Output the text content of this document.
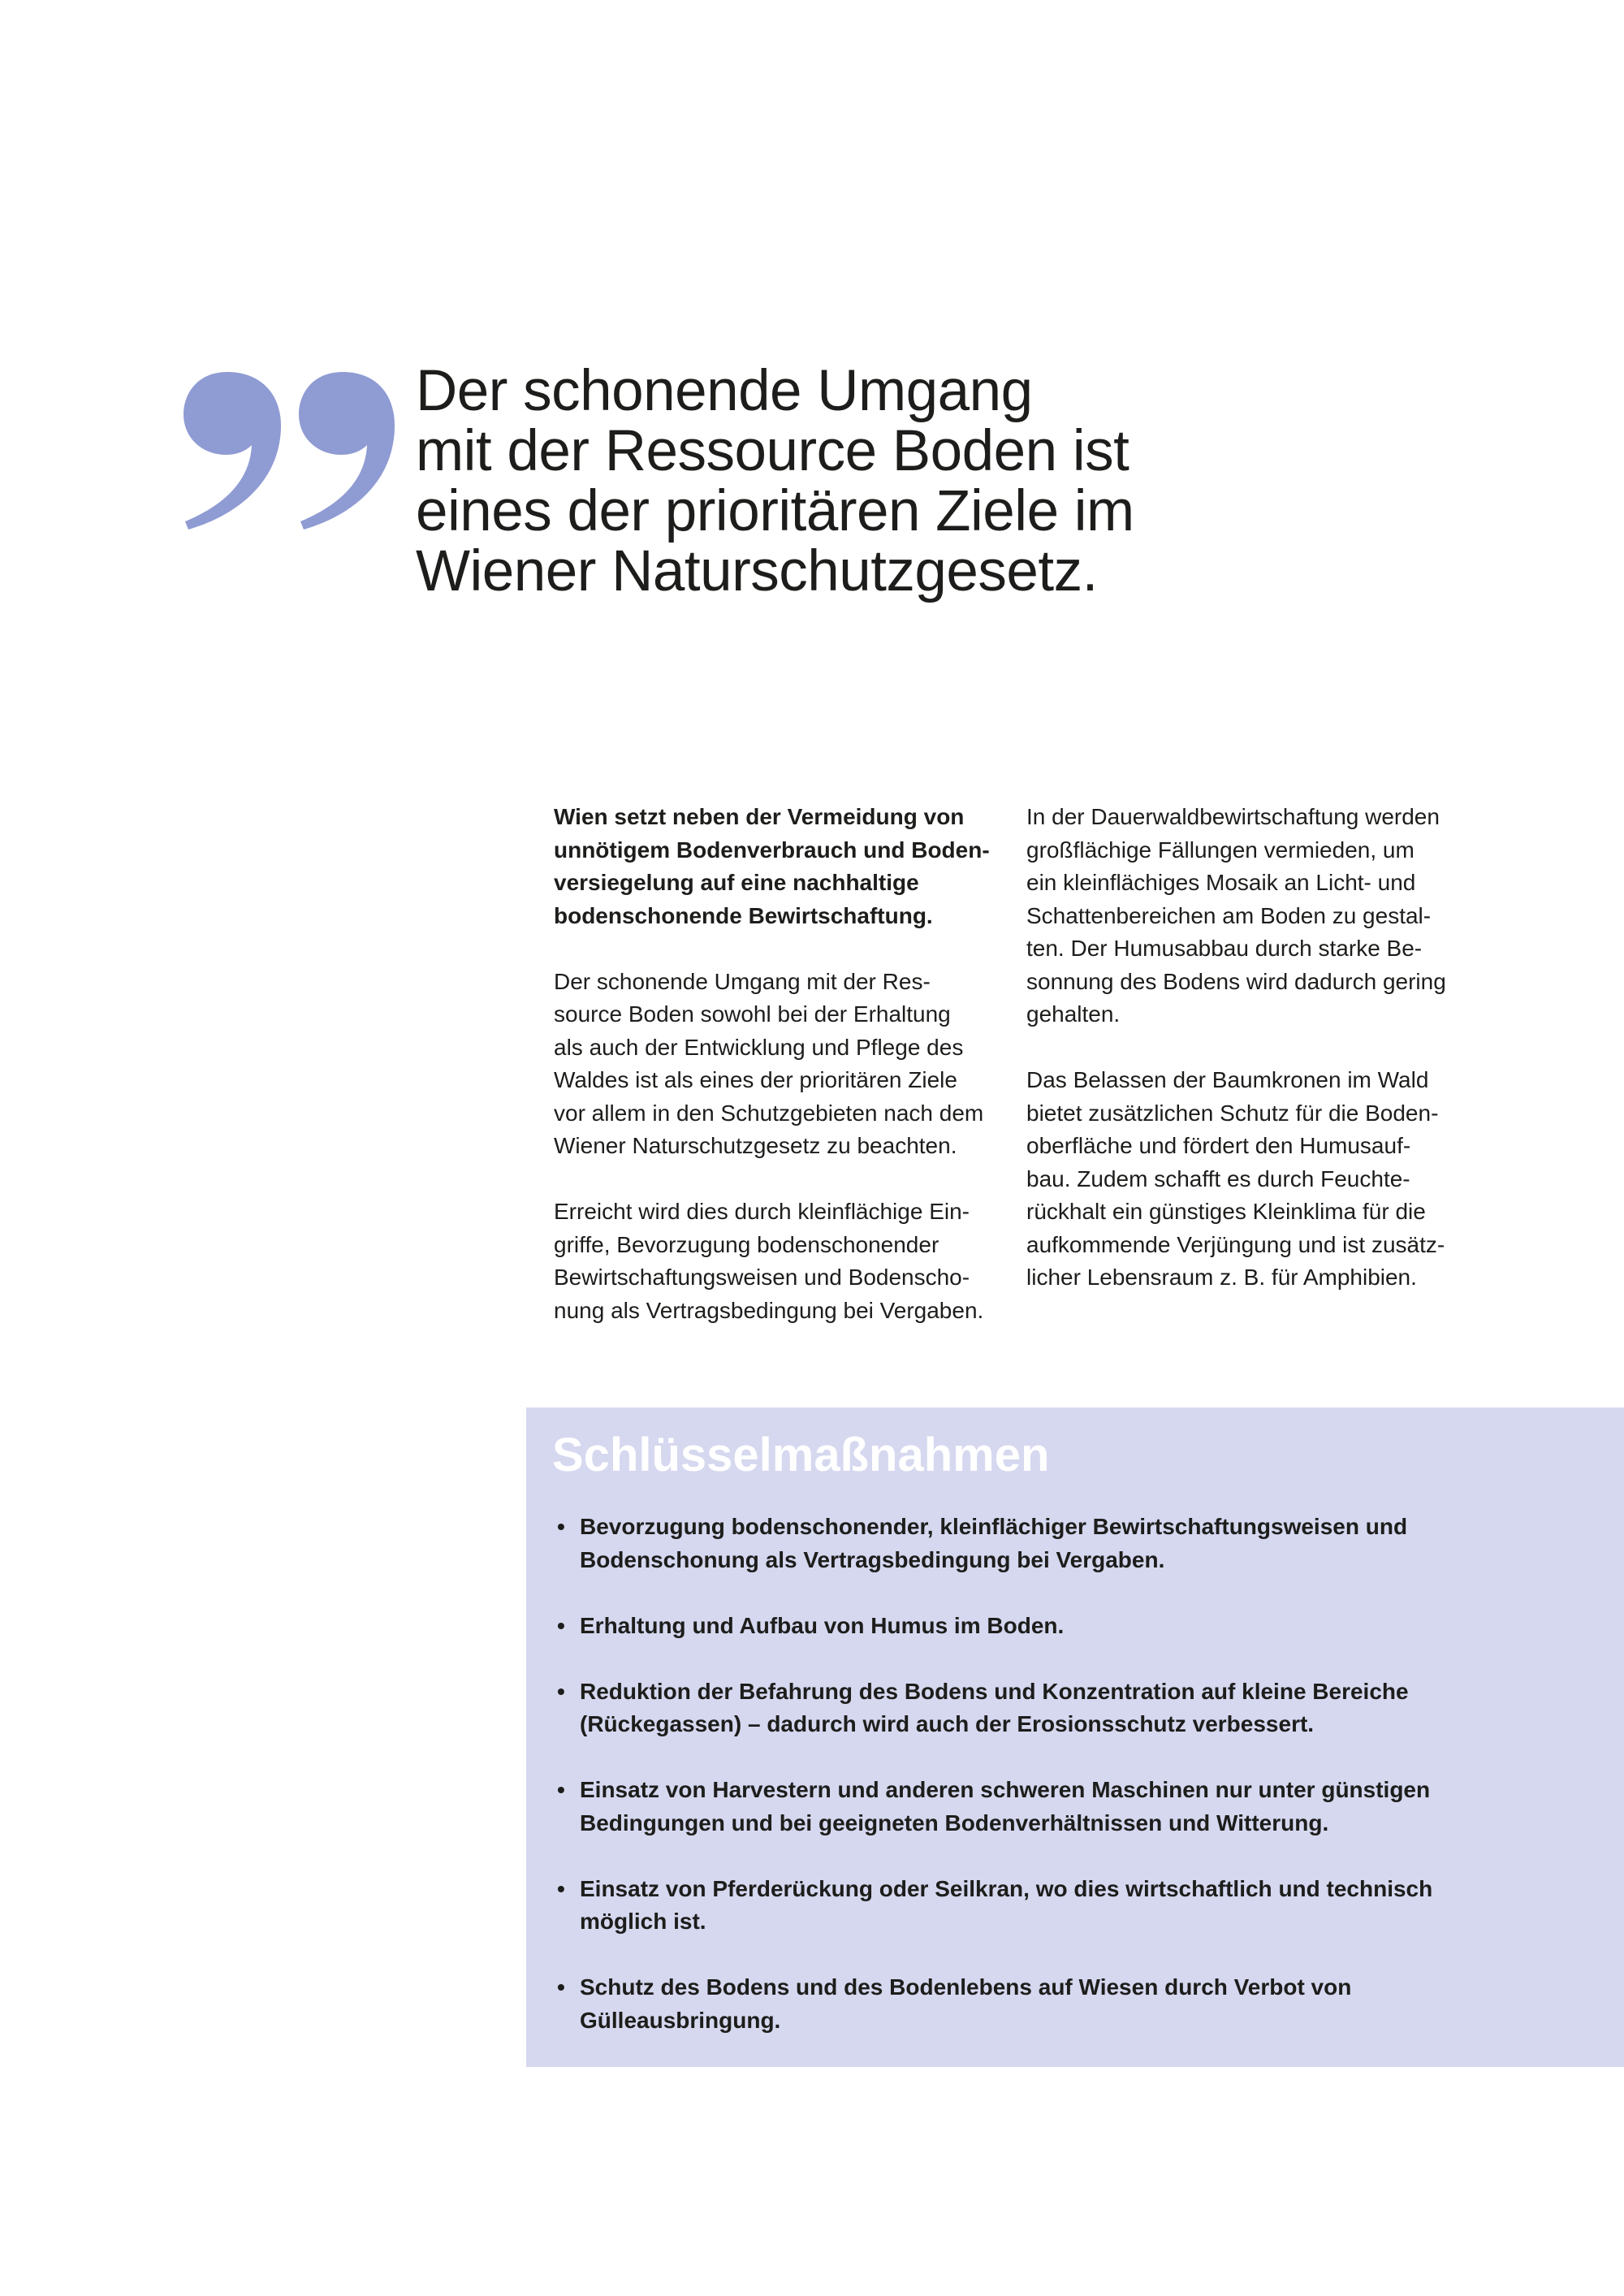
Der schonende Umgang
mit der Ressource Boden ist
eines der prioritären Ziele im
Wiener Naturschutzgesetz.

Wien setzt neben der Vermeidung von
unnötigem Bodenverbrauch und Boden-
versiegelung auf eine nachhaltige
bodenschonende Bewirtschaftung.

Der schonende Umgang mit der Res-
source Boden sowohl bei der Erhaltung
als auch der Entwicklung und Pflege des
Waldes ist als eines der prioritären Ziele
vor allem in den Schutzgebieten nach dem
Wiener Naturschutzgesetz zu beachten.

Erreicht wird dies durch kleinflächige Ein-
griffe, Bevorzugung bodenschonender
Bewirtschaftungsweisen und Bodenscho-
nung als Vertragsbedingung bei Vergaben.

In der Dauerwaldbewirtschaftung werden
großflächige Fällungen vermieden, um
ein kleinflächiges Mosaik an Licht- und
Schattenbereichen am Boden zu gestal-
ten. Der Humusabbau durch starke Be-
sonnung des Bodens wird dadurch gering
gehalten.

Das Belassen der Baumkronen im Wald
bietet zusätzlichen Schutz für die Boden-
oberfläche und fördert den Humusauf-
bau. Zudem schafft es durch Feuchte-
rückhalt ein günstiges Kleinklima für die
aufkommende Verjüngung und ist zusätz-
licher Lebensraum z. B. für Amphibien.

Schlüsselmaßnahmen
• Bevorzugung bodenschonender, kleinflächiger Bewirtschaftungsweisen und
Bodenschonung als Vertragsbedingung bei Vergaben.
• Erhaltung und Aufbau von Humus im Boden.
• Reduktion der Befahrung des Bodens und Konzentration auf kleine Bereiche
(Rückegassen) – dadurch wird auch der Erosionsschutz verbessert.
• Einsatz von Harvestern und anderen schweren Maschinen nur unter günstigen
Bedingungen und bei geeigneten Bodenverhältnissen und Witterung.
• Einsatz von Pferderückung oder Seilkran, wo dies wirtschaftlich und technisch
möglich ist.
• Schutz des Bodens und des Bodenlebens auf Wiesen durch Verbot von
Gülleausbringung.
